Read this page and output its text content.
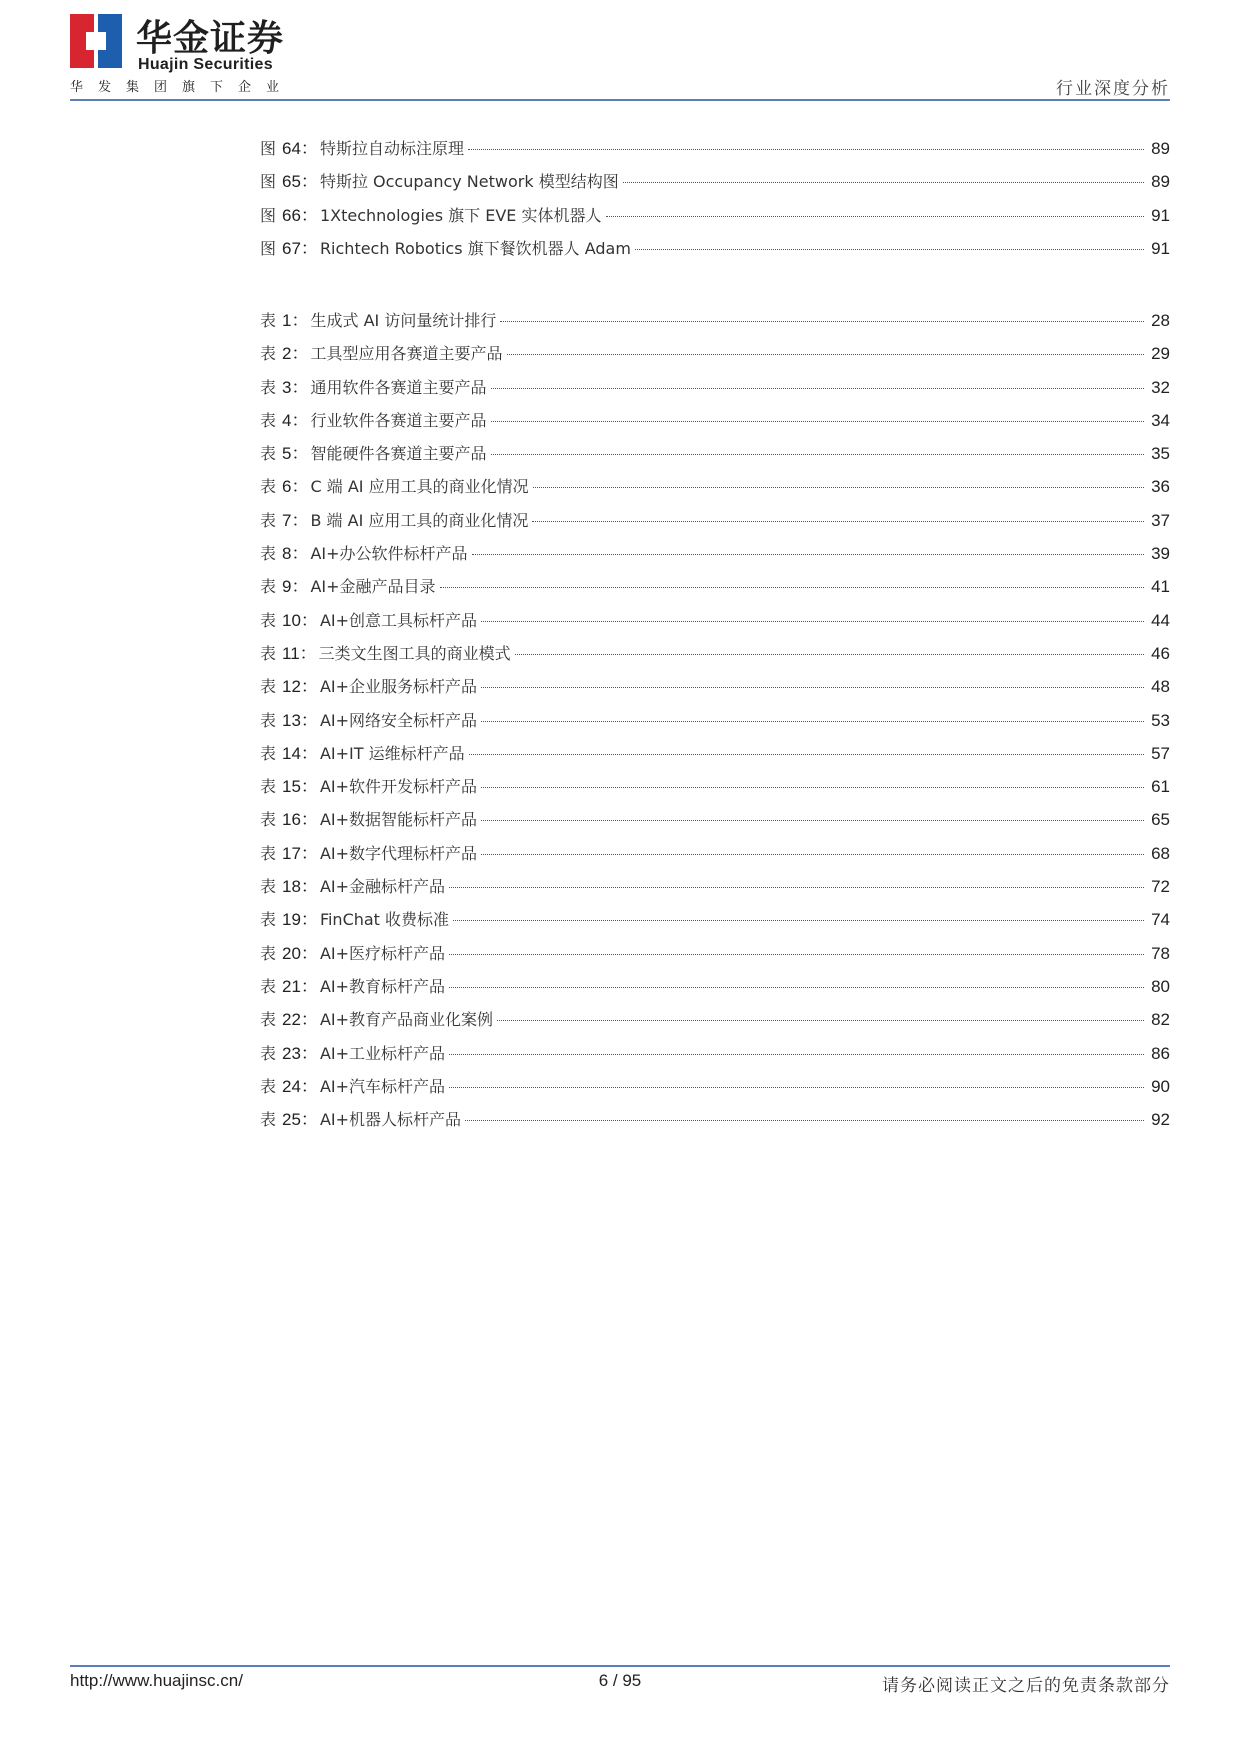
华金证券
Huajin Securities
华发集团旗下企业	行业深度分析
图 64： 特斯拉自动标注原理	89
图 65： 特斯拉 Occupancy Network 模型结构图	89
图 66： 1Xtechnologies 旗下 EVE 实体机器人	91
图 67： Richtech Robotics 旗下餐饮机器人 Adam	91
表 1： 生成式 AI 访问量统计排行	28
表 2： 工具型应用各赛道主要产品	29
表 3： 通用软件各赛道主要产品	32
表 4： 行业软件各赛道主要产品	34
表 5： 智能硬件各赛道主要产品	35
表 6： C 端 AI 应用工具的商业化情况	36
表 7： B 端 AI 应用工具的商业化情况	37
表 8： AI+办公软件标杆产品	39
表 9： AI+金融产品目录	41
表 10： AI+创意工具标杆产品	44
表 11： 三类文生图工具的商业模式	46
表 12： AI+企业服务标杆产品	48
表 13： AI+网络安全标杆产品	53
表 14： AI+IT 运维标杆产品	57
表 15： AI+软件开发标杆产品	61
表 16： AI+数据智能标杆产品	65
表 17： AI+数字代理标杆产品	68
表 18： AI+金融标杆产品	72
表 19： FinChat 收费标准	74
表 20： AI+医疗标杆产品	78
表 21： AI+教育标杆产品	80
表 22： AI+教育产品商业化案例	82
表 23： AI+工业标杆产品	86
表 24： AI+汽车标杆产品	90
表 25： AI+机器人标杆产品	92
http://www.huajinsc.cn/	6 / 95	请务必阅读正文之后的免责条款部分
